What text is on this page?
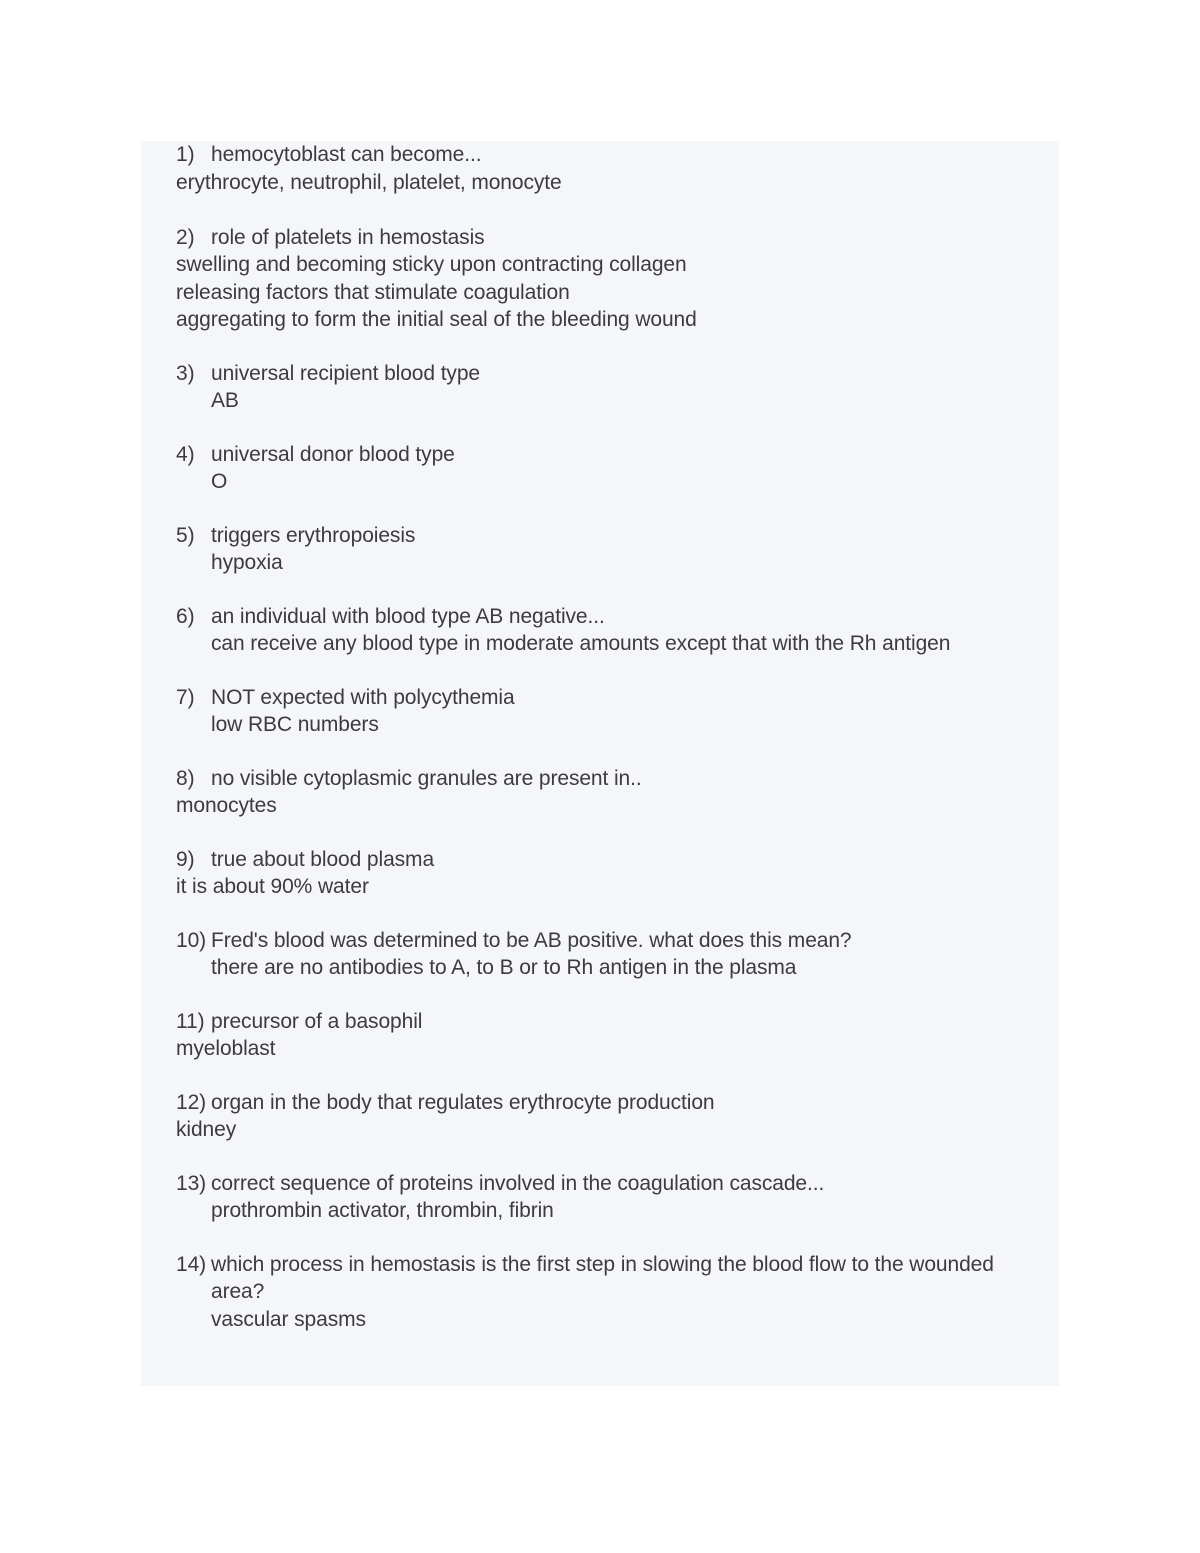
1) hemocytoblast can become...
erythrocyte, neutrophil, platelet, monocyte
2) role of platelets in hemostasis
swelling and becoming sticky upon contracting collagen
releasing factors that stimulate coagulation
aggregating to form the initial seal of the bleeding wound
3) universal recipient blood type
AB
4) universal donor blood type
O
5) triggers erythropoiesis
hypoxia
6) an individual with blood type AB negative...
can receive any blood type in moderate amounts except that with the Rh antigen
7) NOT expected with polycythemia
low RBC numbers
8) no visible cytoplasmic granules are present in..
monocytes
9) true about blood plasma
it is about 90% water
10) Fred's blood was determined to be AB positive. what does this mean?
there are no antibodies to A, to B or to Rh antigen in the plasma
11) precursor of a basophil
myeloblast
12) organ in the body that regulates erythrocyte production
kidney
13) correct sequence of proteins involved in the coagulation cascade...
prothrombin activator, thrombin, fibrin
14) which process in hemostasis is the first step in slowing the blood flow to the wounded area?
vascular spasms
